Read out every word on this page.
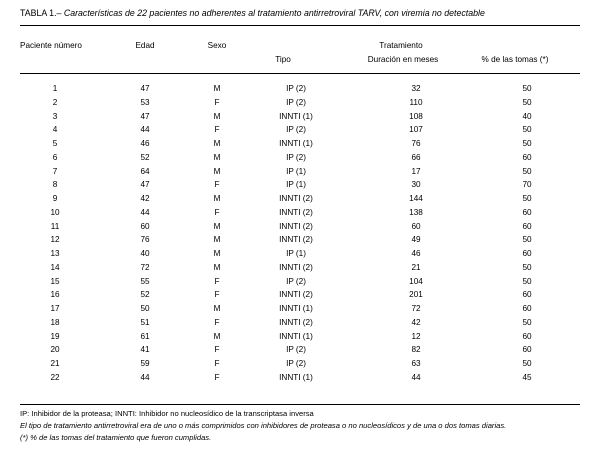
TABLA 1.– Características de 22 pacientes no adherentes al tratamiento antirretroviral TARV, con viremia no detectable
Paciente número	Edad	Sexo	Tratamiento
Tipo	Duración en meses	% de las tomas (*)
1	47	M	IP (2)	32	50
2	53	F	IP (2)	110	50
3	47	M	INNTI (1)	108	40
4	44	F	IP (2)	107	50
5	46	M	INNTI (1)	76	50
6	52	M	IP (2)	66	60
7	64	M	IP (1)	17	50
8	47	F	IP (1)	30	70
9	42	M	INNTI (2)	144	50
10	44	F	INNTI (2)	138	60
11	60	M	INNTI (2)	60	60
12	76	M	INNTI (2)	49	50
13	40	M	IP (1)	46	60
14	72	M	INNTI (2)	21	50
15	55	F	IP (2)	104	50
16	52	F	INNTI (2)	201	60
17	50	M	INNTI (1)	72	60
18	51	F	INNTI (2)	42	50
19	61	M	INNTI (1)	12	60
20	41	F	IP (2)	82	60
21	59	F	IP (2)	63	50
22	44	F	INNTI (1)	44	45
IP: Inhibidor de la proteasa; INNTI: Inhibidor no nucleosídico de la transcriptasa inversa
El tipo de tratamiento antirretroviral era de uno o más comprimidos con inhibidores de proteasa o no nucleosídicos y de una o dos tomas diarias.
(*) % de las tomas del tratamiento que fueron cumplidas.
